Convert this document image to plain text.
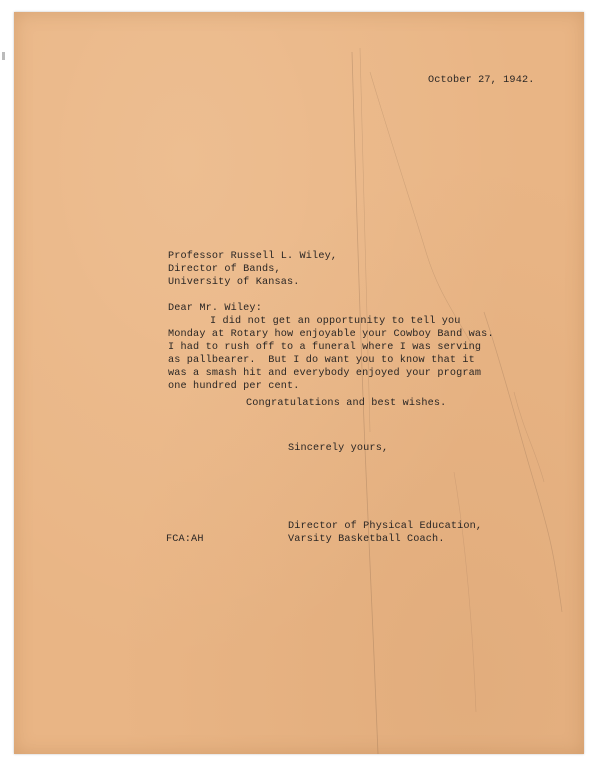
October 27, 1942.
Professor Russell L. Wiley,
Director of Bands,
University of Kansas.
Dear Mr. Wiley:
I did not get an opportunity to tell you
Monday at Rotary how enjoyable your Cowboy Band was.
I had to rush off to a funeral where I was serving
as pallbearer.  But I do want you to know that it
was a smash hit and everybody enjoyed your program
one hundred per cent.
Congratulations and best wishes.
Sincerely yours,
Director of Physical Education,
Varsity Basketball Coach.
FCA:AH
